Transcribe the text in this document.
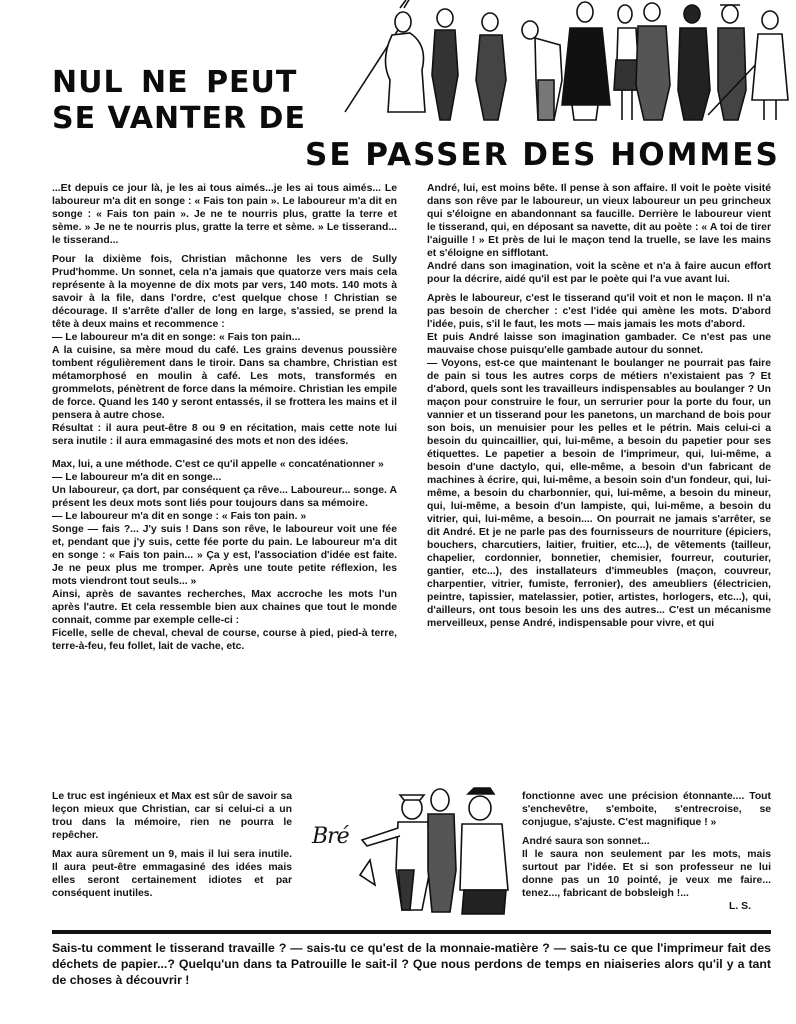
NUL NE PEUT
SE VANTER DE
SE PASSER DES HOMMES

...Et depuis ce jour là, je les ai tous aimés...je les ai tous aimés... Le laboureur m'a dit en songe : « Fais ton pain ». Le laboureur m'a dit en songe : « Fais ton pain ». Je ne te nourris plus, gratte la terre et sème. » Je ne te nourris plus, gratte la terre et sème. » Le tisserand... le tisserand...

Pour la dixième fois, Christian mâchonne les vers de Sully Prud'homme. Un sonnet, cela n'a jamais que quatorze vers mais cela représente à la moyenne de dix mots par vers, 140 mots. 140 mots à savoir à la file, dans l'ordre, c'est quelque chose ! Christian se décourage. Il s'arrête d'aller de long en large, s'assied, se prend la tête à deux mains et recommence :

— Le laboureur m'a dit en songe: « Fais ton pain...

A la cuisine, sa mère moud du café. Les grains devenus poussière tombent régulièrement dans le tiroir. Dans sa chambre, Christian est métamorphosé en moulin à café. Les mots, transformés en grommelots, pénètrent de force dans la mémoire. Christian les empile de force. Quand les 140 y seront entassés, il se frottera les mains et il pensera à autre chose.

Résultat : il aura peut-être 8 ou 9 en récitation, mais cette note lui sera inutile : il aura emmagasiné des mots et non des idées.

Max, lui, a une méthode. C'est ce qu'il appelle « concaténationner »

— Le laboureur m'a dit en songe...

Un laboureur, ça dort, par conséquent ça rêve... Laboureur... songe. A présent les deux mots sont liés pour toujours dans sa mémoire.

— Le laboureur m'a dit en songe : « Fais ton pain. »

Songe — fais ?... J'y suis ! Dans son rêve, le laboureur voit une fée et, pendant que j'y suis, cette fée porte du pain. Le laboureur m'a dit en songe : « Fais ton pain... » Ça y est, l'association d'idée est faite. Je ne peux plus me tromper. Après une toute petite réflexion, les mots viendront tout seuls... »

Ainsi, après de savantes recherches, Max accroche les mots l'un après l'autre. Et cela ressemble bien aux chaines que tout le monde connait, comme par exemple celle-ci :

Ficelle, selle de cheval, cheval de course, course à pied, pied-à terre, terre-à-feu, feu follet, lait de vache, etc.

Le truc est ingénieux et Max est sûr de savoir sa leçon mieux que Christian, car si celui-ci a un trou dans la mémoire, rien ne pourra le repêcher.

Max aura sûrement un 9, mais il lui sera inutile. Il aura peut-être emmagasiné des idées mais elles seront certainement idiotes et par conséquent inutiles.

André, lui, est moins bête. Il pense à son affaire. Il voit le poète visité dans son rêve par le laboureur, un vieux laboureur un peu grincheux qui s'éloigne en abandonnant sa faucille. Derrière le laboureur vient le tisserand, qui, en déposant sa navette, dit au poète : « A toi de tirer l'aiguille ! » Et près de lui le maçon tend la truelle, se lave les mains et s'éloigne en sifflotant.

André dans son imagination, voit la scène et n'a à faire aucun effort pour la décrire, aidé qu'il est par le poète qui l'a vue avant lui.

Après le laboureur, c'est le tisserand qu'il voit et non le maçon. Il n'a pas besoin de chercher : c'est l'idée qui amène les mots. D'abord l'idée, puis, s'il le faut, les mots — mais jamais les mots d'abord.

Et puis André laisse son imagination gambader. Ce n'est pas une mauvaise chose puisqu'elle gambade autour du sonnet.

— Voyons, est-ce que maintenant le boulanger ne pourrait pas faire de pain si tous les autres corps de métiers n'existaient pas ? Et d'abord, quels sont les travailleurs indispensables au boulanger ? Un maçon pour construire le four, un serrurier pour la porte du four, un vannier et un tisserand pour les panetons, un marchand de bois pour son bois, un menuisier pour les pelles et le pétrin. Mais celui-ci a besoin du quincaillier, qui, lui-même, a besoin du papetier pour ses étiquettes. Le papetier a besoin de l'imprimeur, qui, lui-même, a besoin d'une dactylo, qui, elle-même, a besoin d'un fabricant de machines à écrire, qui, lui-même, a besoin soin d'un fondeur, qui, lui-même, a besoin du charbonnier, qui, lui-même, a besoin du mineur, qui, lui-même, a besoin d'un lampiste, qui, lui-même, a besoin du vitrier, qui, lui-même, a besoin.... On pourrait ne jamais s'arrêter, se dit André. Et je ne parle pas des fournisseurs de nourriture (épiciers, bouchers, charcutiers, laitier, fruitier, etc...), de vêtements (tailleur, chapelier, cordonnier, bonnetier, chemisier, fourreur, couturier, gantier, etc...), des installateurs d'immeubles (maçon, couvreur, charpentier, vitrier, fumiste, ferronier), des ameubliers (électricien, peintre, tapissier, matelassier, potier, artistes, horlogers, etc...), qui, d'ailleurs, ont tous besoin les uns des autres... C'est un mécanisme merveilleux, pense André, indispensable pour vivre, et qui

fonctionne avec une précision étonnante.... Tout s'enchevêtre, s'emboite, s'entrecroise, se conjugue, s'ajuste. C'est magnifique ! »

André saura son sonnet...

Il le saura non seulement par les mots, mais surtout par l'idée. Et si son professeur ne lui donne pas un 10 pointé, je veux me faire... tenez..., fabricant de bobsleigh !...

L. S.

Bré
Sais-tu comment le tisserand travaille ? — sais-tu ce qu'est de la monnaie-matière ? — sais-tu ce que l'imprimeur fait des déchets de papier...? Quelqu'un dans ta Patrouille le sait-il ? Que nous perdons de temps en niaiseries alors qu'il y a tant de choses à découvrir !
